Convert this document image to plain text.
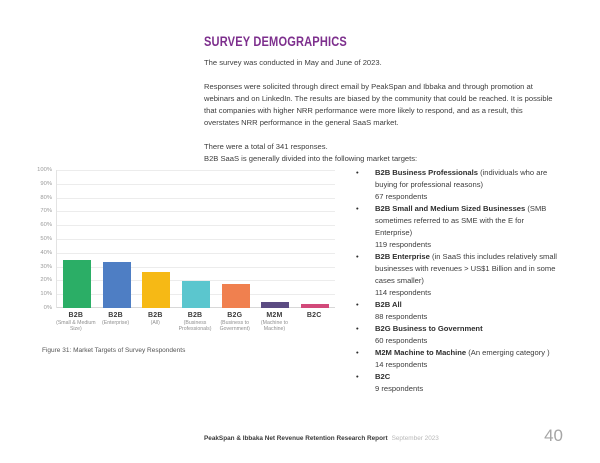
SURVEY DEMOGRAPHICS

The survey was conducted in May and June of 2023.

Responses were solicited through direct email by PeakSpan and Ibbaka and through promotion at webinars and on LinkedIn. The results are biased by the community that could be reached. It is possible that companies with higher NRR performance were more likely to respond, and as a result, this overstates NRR performance in the general SaaS market.

There were a total of 341 responses.
B2B SaaS is generally divided into the following market targets:

0%
10%
20%
30%
40%
50%
60%
70%
80%
90%
100%
B2B
(Small & Medium Size)
B2B
(Enterprise)
B2B
(All)
B2B
(Business Professionals)
B2G
(Business to Government)
M2M
(Machine to Machine)
B2C
Figure 31: Market Targets of Survey Respondents
• B2B Business Professionals (individuals who are buying for professional reasons)
67 respondents
• B2B Small and Medium Sized Businesses (SMB sometimes referred to as SME with the E for Enterprise)
119 respondents
• B2B Enterprise (in SaaS this includes relatively small businesses with revenues > US$1 Billion and in some cases smaller)
114 respondents
• B2B All
88 respondents
• B2G Business to Government
60 respondents
• M2M Machine to Machine (An emerging category )
14 respondents
• B2C
9 respondents
PeakSpan & Ibbaka Net Revenue Retention Research Report September 2023	40
